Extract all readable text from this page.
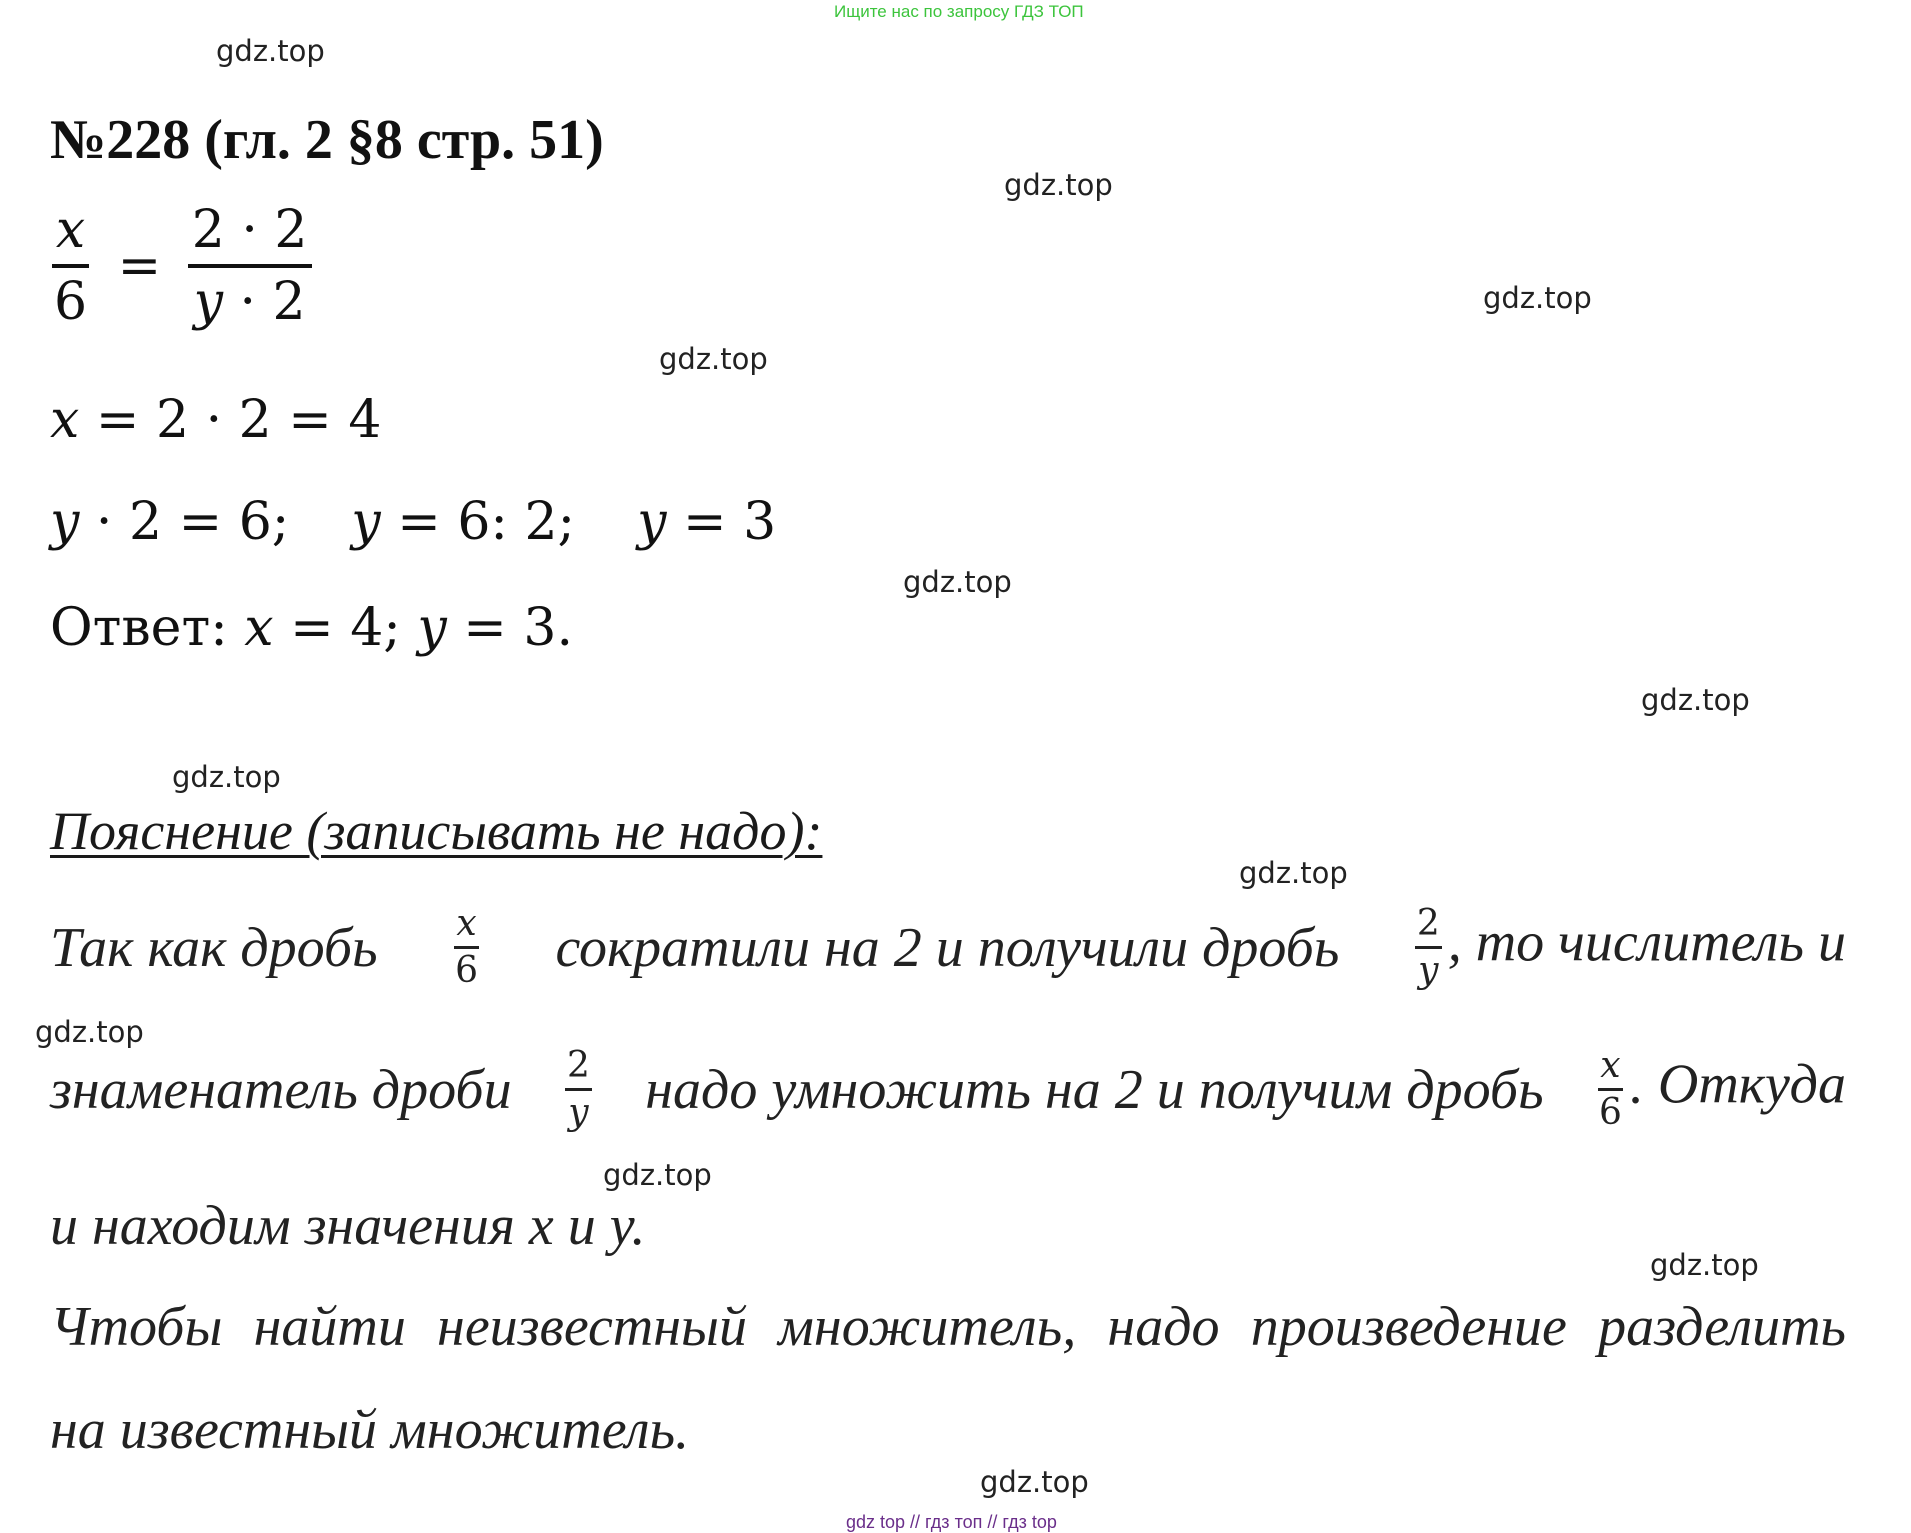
Ищите нас по запросу ГДЗ ТОП
gdz.top
gdz.top
gdz.top
gdz.top
gdz.top
gdz.top
gdz.top
gdz.top
gdz.top
gdz.top
gdz.top
gdz.top
№228 (гл. 2 §8 стр. 51)
$\frac{x}{6} = \frac{2 \cdot 2}{y \cdot 2}$
x = 2 · 2 = 4
y · 2 = 6; y = 6: 2; y = 3
Ответ: x = 4; y = 3.
Пояснение (записывать не надо):
Так как дробь $\frac{x}{6}$ сократили на 2 и получили дробь $\frac{2}{y}$ , то числитель и
знаменатель дроби $\frac{2}{y}$ надо умножить на 2 и получим дробь $\frac{x}{6}$ . Откуда
и находим значения x и y.
Чтобы найти неизвестный множитель, надо произведение разделить
на известный множитель.
gdz top // гдз топ // гдз top
